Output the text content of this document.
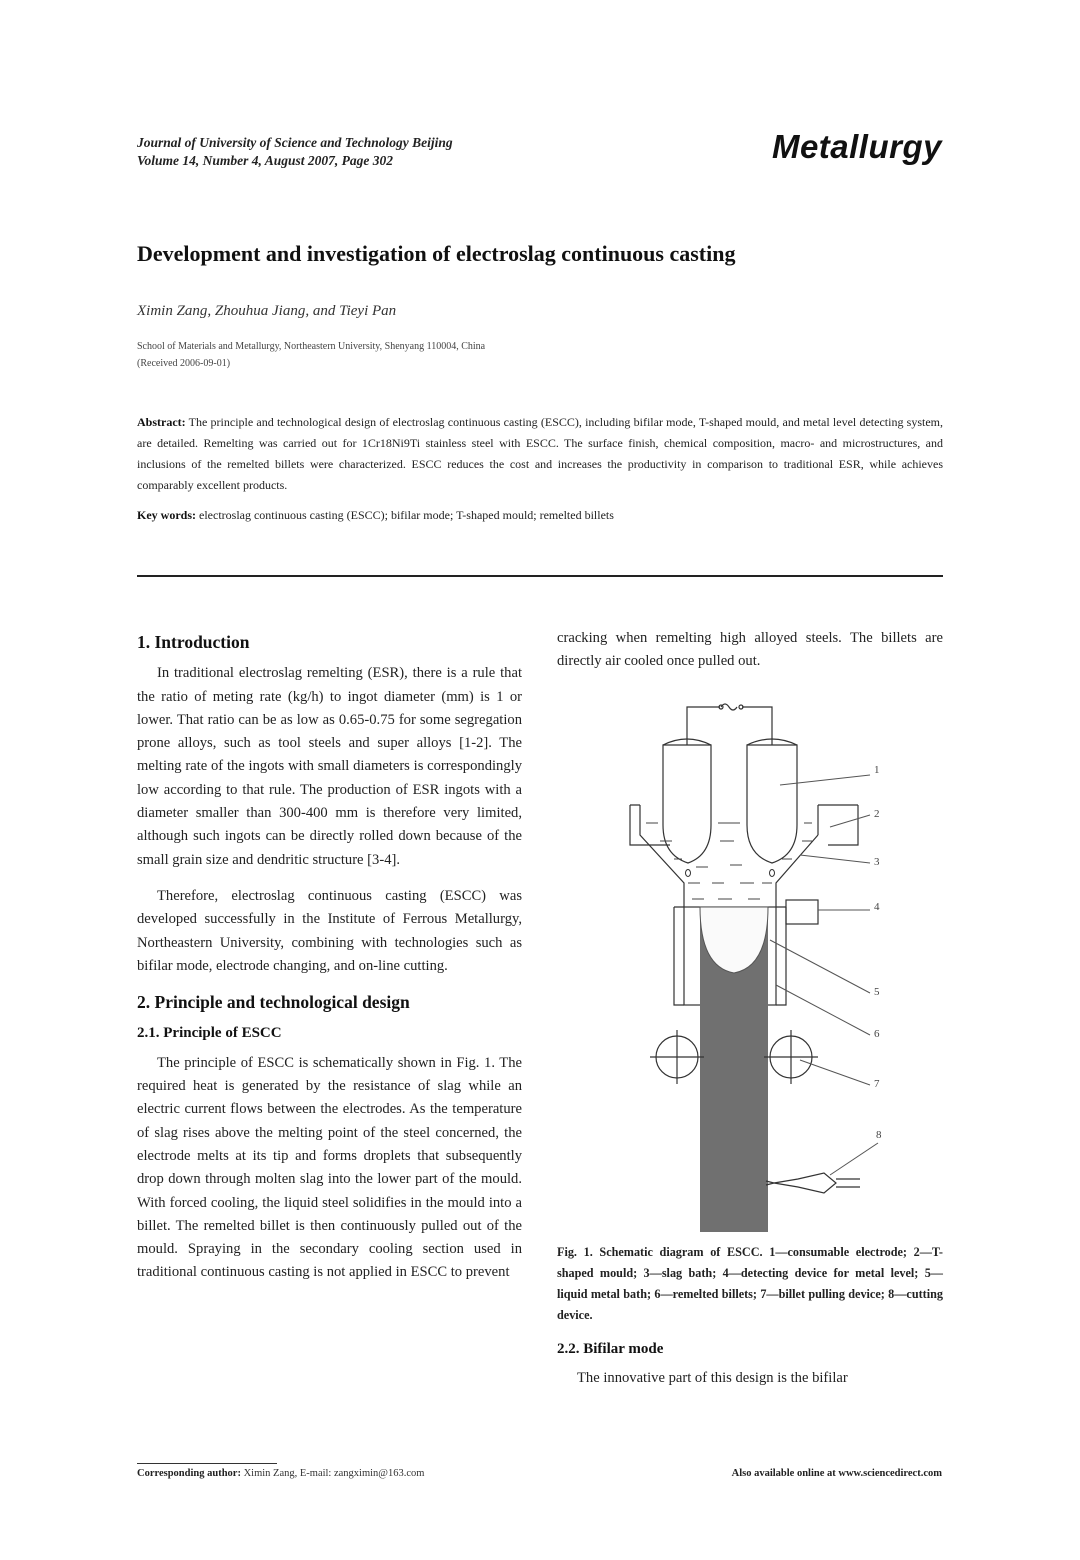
Journal of University of Science and Technology Beijing
Volume 14, Number 4, August 2007, Page 302	Metallurgy
Development and investigation of electroslag continuous casting
Ximin Zang, Zhouhua Jiang, and Tieyi Pan
School of Materials and Metallurgy, Northeastern University, Shenyang 110004, China
(Received 2006-09-01)
Abstract: The principle and technological design of electroslag continuous casting (ESCC), including bifilar mode, T-shaped mould, and metal level detecting system, are detailed. Remelting was carried out for 1Cr18Ni9Ti stainless steel with ESCC. The surface finish, chemical composition, macro- and microstructures, and inclusions of the remelted billets were characterized. ESCC reduces the cost and increases the productivity in comparison to traditional ESR, while achieves comparably excellent products.
Key words: electroslag continuous casting (ESCC); bifilar mode; T-shaped mould; remelted billets
1. Introduction

In traditional electroslag remelting (ESR), there is a rule that the ratio of meting rate (kg/h) to ingot diameter (mm) is 1 or lower. That ratio can be as low as 0.65-0.75 for some segregation prone alloys, such as tool steels and super alloys [1-2]. The melting rate of the ingots with small diameters is correspondingly low according to that rule. The production of ESR ingots with a diameter smaller than 300-400 mm is therefore very limited, although such ingots can be directly rolled down because of the small grain size and dendritic structure [3-4].

Therefore, electroslag continuous casting (ESCC) was developed successfully in the Institute of Ferrous Metallurgy, Northeastern University, combining with technologies such as bifilar mode, electrode changing, and on-line cutting.

2. Principle and technological design
2.1. Principle of ESCC

The principle of ESCC is schematically shown in Fig. 1. The required heat is generated by the resistance of slag while an electric current flows between the electrodes. As the temperature of slag rises above the melting point of the steel concerned, the electrode melts at its tip and forms droplets that subsequently drop down through molten slag into the lower part of the mould. With forced cooling, the liquid steel solidifies in the mould into a billet. The remelted billet is then continuously pulled out of the mould. Spraying in the secondary cooling section used in traditional continuous casting is not applied in ESCC to prevent

cracking when remelting high alloyed steels. The billets are directly air cooled once pulled out.

1
2
3
4
5
6
7
8
Fig. 1. Schematic diagram of ESCC. 1—consumable electrode; 2—T-shaped mould; 3—slag bath; 4—detecting device for metal level; 5—liquid metal bath; 6—remelted billets; 7—billet pulling device; 8—cutting device.
2.2. Bifilar mode

The innovative part of this design is the bifilar

Corresponding author: Ximin Zang, E-mail: zangximin@163.com	Also available online at www.sciencedirect.com
